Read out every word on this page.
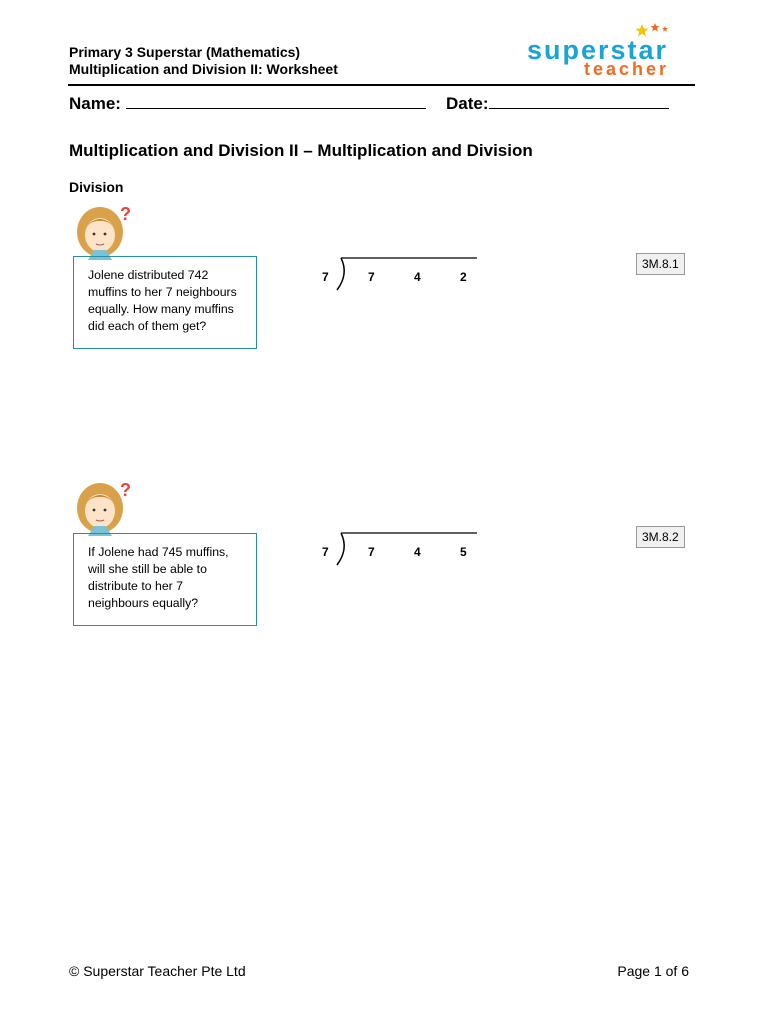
Primary 3 Superstar (Mathematics)
Multiplication and Division II: Worksheet
superstar
teacher
Name:	Date:
Multiplication and Division II – Multiplication and Division
Division
?
Jolene distributed 742 muffins to her 7 neighbours equally. How many muffins did each of them get?
7	7	4	2
3M.8.1
?
If Jolene had 745 muffins, will she still be able to distribute to her 7 neighbours equally?
7	7	4	5
3M.8.2
© Superstar Teacher Pte Ltd	Page 1 of 6
